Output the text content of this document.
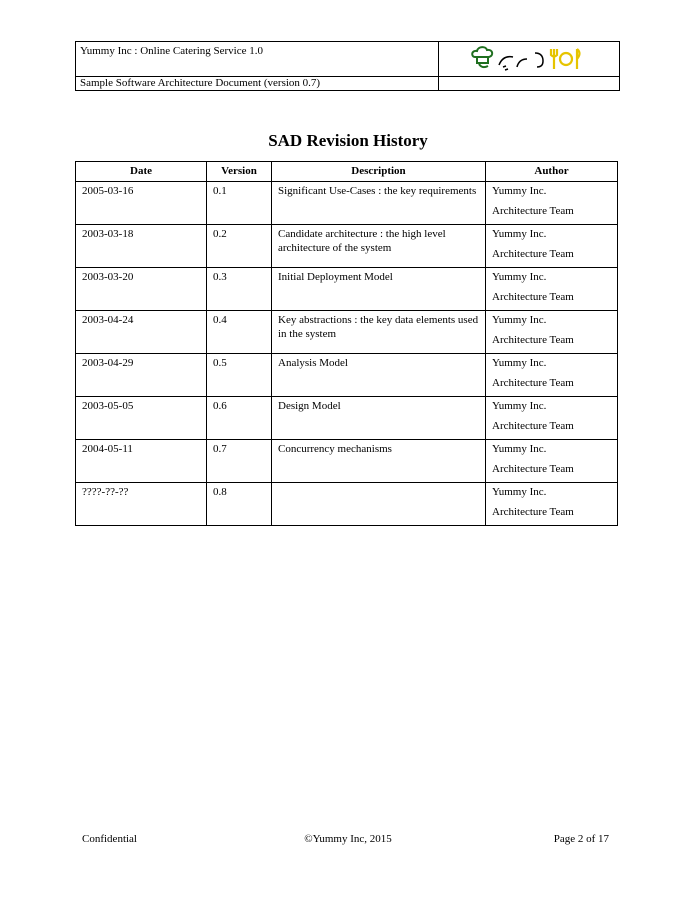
Yummy Inc : Online Catering Service 1.0	

Sample Software Architecture Document (version 0.7)	
SAD Revision History
Date	Version	Description	Author
2005-03-16	0.1	Significant Use-Cases : the key requirements	Yummy Inc.
Architecture Team

2003-03-18	0.2	Candidate architecture : the high level architecture of the system	Yummy Inc.
Architecture Team

2003-03-20	0.3	Initial Deployment Model	Yummy Inc.
Architecture Team

2003-04-24	0.4	Key abstractions : the key data elements used in the system	Yummy Inc.
Architecture Team

2003-04-29	0.5	Analysis Model	Yummy Inc.
Architecture Team

2003-05-05	0.6	Design Model	Yummy Inc.
Architecture Team

2004-05-11	0.7	Concurrency mechanisms	Yummy Inc.
Architecture Team

????-??-??	0.8		Yummy Inc.
Architecture Team
Confidential	©Yummy Inc, 2015	Page 2 of 17
